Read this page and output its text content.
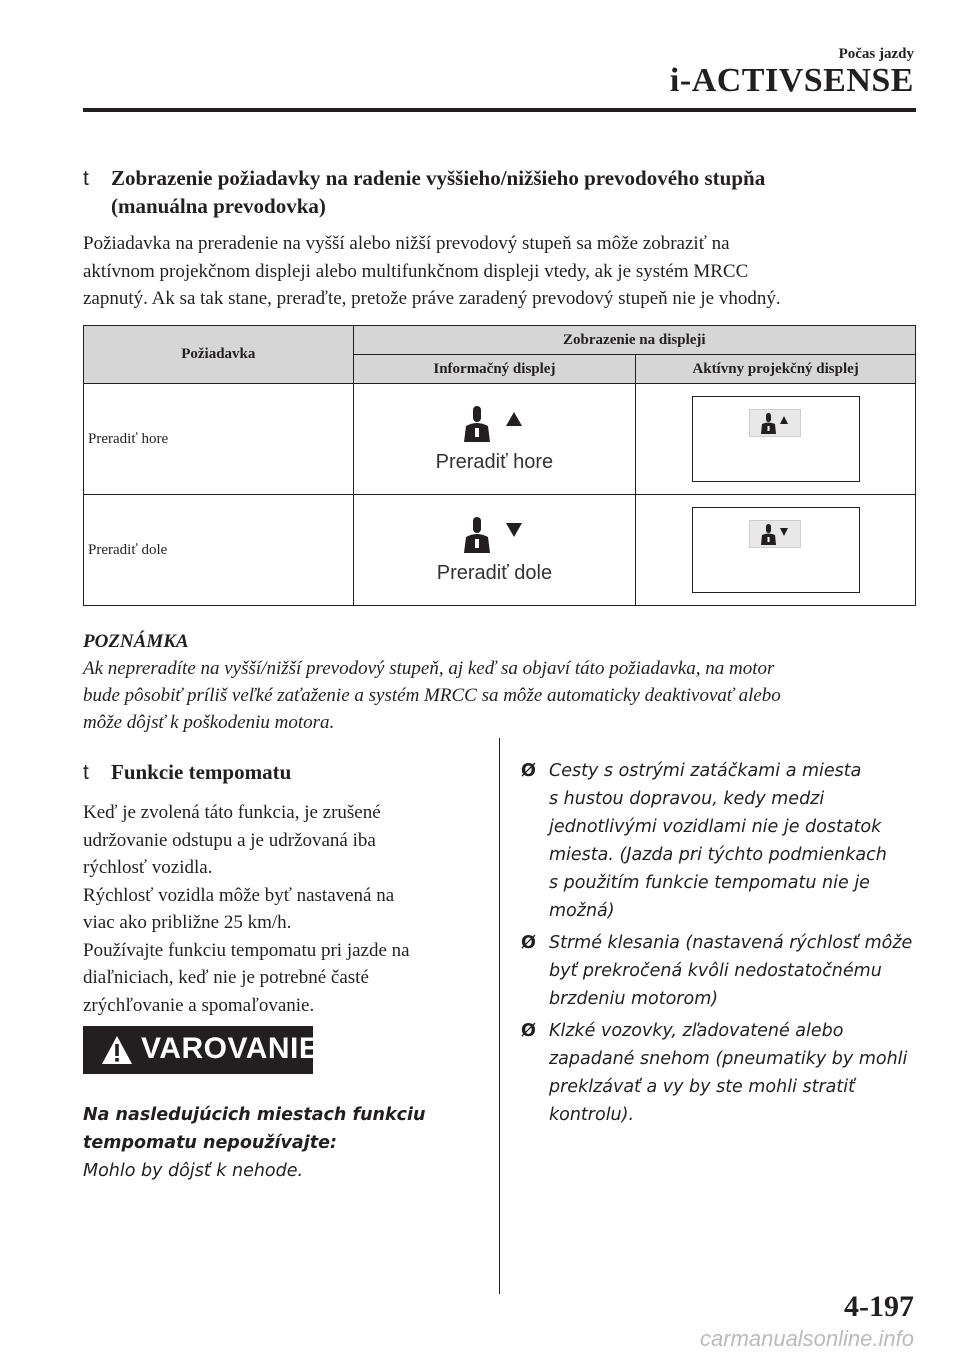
Počas jazdy
i-ACTIVSENSE
t Zobrazenie požiadavky na radenie vyššieho/nižšieho prevodového stupňa
(manuálna prevodovka)
Požiadavka na preradenie na vyšší alebo nižší prevodový stupeň sa môže zobraziť na
aktívnom projekčnom displeji alebo multifunkčnom displeji vtedy, ak je systém MRCC
zapnutý. Ak sa tak stane, preraďte, pretože práve zaradený prevodový stupeň nie je vhodný.
Požiadavka	Zobrazenie na displeji	
	Informačný displej	Aktívny projekčný displej
Preradiť hore	Preradiť hore

Preradiť dole	Preradiť dole

POZNÁMKA
Ak nepreradíte na vyšší/nižší prevodový stupeň, aj keď sa objaví táto požiadavka, na motor
bude pôsobiť príliš veľké zaťaženie a systém MRCC sa môže automaticky deaktivovať alebo
môže dôjsť k poškodeniu motora.
t Funkcie tempomatu
Keď je zvolená táto funkcia, je zrušené
udržovanie odstupu a je udržovaná iba
rýchlosť vozidla.
Rýchlosť vozidla môže byť nastavená na
viac ako približne 25 km/h.
Používajte funkciu tempomatu pri jazde na
diaľniciach, keď nie je potrebné časté
zrýchľovanie a spomaľovanie.
VAROVANIE
Na nasledujúcich miestach funkciu
tempomatu nepoužívajte:
Mohlo by dôjsť k nehode.
Ø Cesty s ostrými zatáčkami a miesta
s hustou dopravou, kedy medzi
jednotlivými vozidlami nie je dostatok
miesta. (Jazda pri týchto podmienkach
s použitím funkcie tempomatu nie je
možná)
Ø Strmé klesania (nastavená rýchlosť môže
byť prekročená kvôli nedostatočnému
brzdeniu motorom)
Ø Klzké vozovky, zľadovatené alebo
zapadané snehom (pneumatiky by mohli
preklzávať a vy by ste mohli stratiť
kontrolu).
4-197
carmanualsonline.info
